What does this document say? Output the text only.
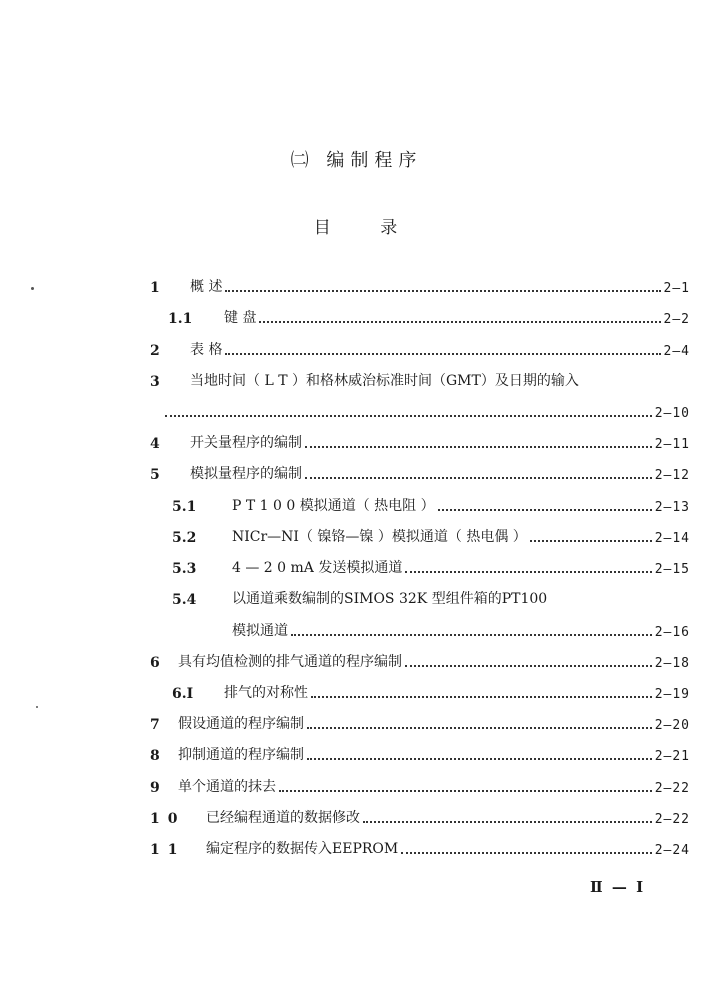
㈡ 编制程序
目 录
1	概 述	2—1
1.1	键 盘	2—2
2	表 格	2—4
3	当地时间（ L T ）和格林威治标准时间（GMT）及日期的输入
2—10
4	开关量程序的编制	2—11
5	模拟量程序的编制	2—12
5.1	P T 1 0 0 模拟通道（ 热电阻 ）	2—13
5.2	NICr—NI（ 镍铬—镍 ）模拟通道（ 热电偶 ）	2—14
5.3	4 — 2 0 mA 发送模拟通道	2—15
5.4	以通道乘数编制的SIMOS 32K 型组件箱的PT100
模拟通道	2—16
6	具有均值检测的排气通道的程序编制	2—18
6.I	排气的对称性	2—19
7	假设通道的程序编制	2—20
8	抑制通道的程序编制	2—21
9	单个通道的抹去	2—22
10	已经编程通道的数据修改	2—22
11	编定程序的数据传入EEPROM	2—24
Ⅱ — I
